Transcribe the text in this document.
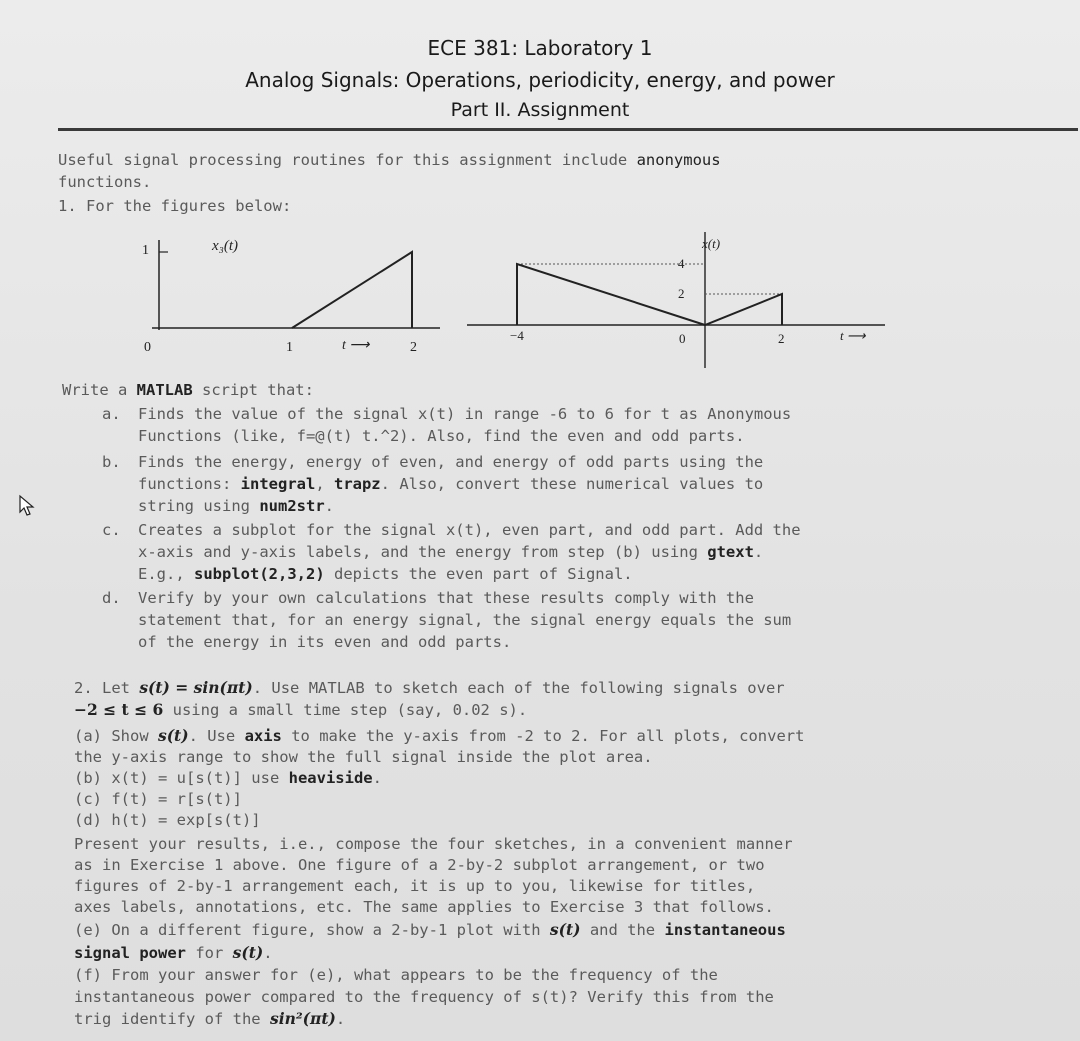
ECE 381: Laboratory 1
Analog Signals: Operations, periodicity, energy, and power
Part II. Assignment
Useful signal processing routines for this assignment include anonymous
functions.
1. For the figures below:
1	x₃(t)
0	1	t ⟶	2
x(t)
4
2
−4	0	2	t ⟶
Write a MATLAB script that:
a. Finds the value of the signal x(t) in range -6 to 6 for t as Anonymous
Functions (like, f=@(t) t.^2). Also, find the even and odd parts.
b. Finds the energy, energy of even, and energy of odd parts using the
functions: integral, trapz. Also, convert these numerical values to
string using num2str.
c. Creates a subplot for the signal x(t), even part, and odd part. Add the
x-axis and y-axis labels, and the energy from step (b) using gtext.
E.g., subplot(2,3,2) depicts the even part of Signal.
d. Verify by your own calculations that these results comply with the
statement that, for an energy signal, the signal energy equals the sum
of the energy in its even and odd parts.
2. Let s(t) = sin(πt). Use MATLAB to sketch each of the following signals over
−2 ≤ t ≤ 6 using a small time step (say, 0.02 s).
(a) Show s(t). Use axis to make the y-axis from -2 to 2. For all plots, convert
the y-axis range to show the full signal inside the plot area.
(b) x(t) = u[s(t)] use heaviside.
(c) f(t) = r[s(t)]
(d) h(t) = exp[s(t)]
Present your results, i.e., compose the four sketches, in a convenient manner
as in Exercise 1 above. One figure of a 2-by-2 subplot arrangement, or two
figures of 2-by-1 arrangement each, it is up to you, likewise for titles,
axes labels, annotations, etc. The same applies to Exercise 3 that follows.
(e) On a different figure, show a 2-by-1 plot with s(t) and the instantaneous
signal power for s(t).
(f) From your answer for (e), what appears to be the frequency of the
instantaneous power compared to the frequency of s(t)? Verify this from the
trig identify of the sin²(πt).
